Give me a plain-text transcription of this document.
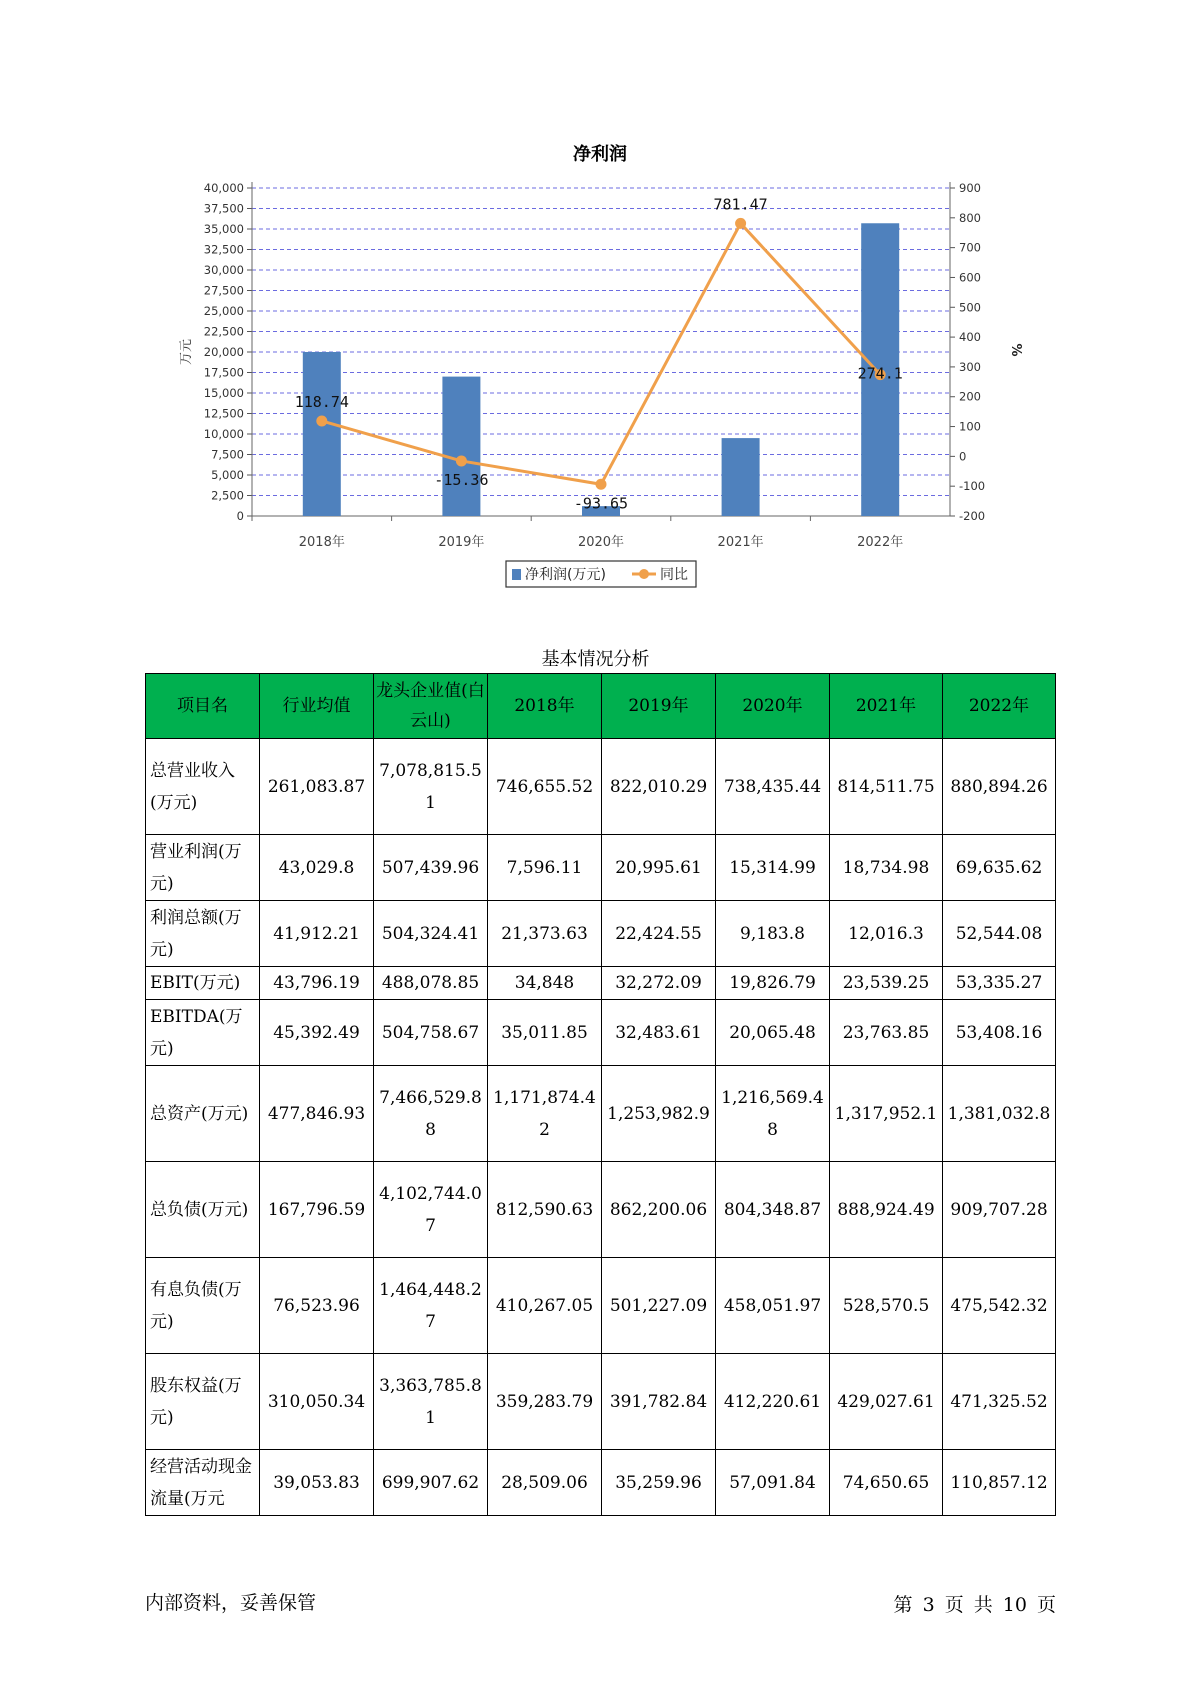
净利润
0
2,500
5,000
7,500
10,000
12,500
15,000
17,500
20,000
22,500
25,000
27,500
30,000
32,500
35,000
37,500
40,000
-200
-100
0
100
200
300
400
500
600
700
800
900
万元	%
2018年	2019年	2020年	2021年	2022年
118.74
-15.36
-93.65
781.47
274.1
净利润(万元)	同比
基本情况分析
项目名	行业均值	龙头企业值(白云山)	2018年	2019年	2020年	2021年	2022年
总营业收入(万元)	261,083.87	7,078,815.51	746,655.52	822,010.29	738,435.44	814,511.75	880,894.26
营业利润(万元)	43,029.8	507,439.96	7,596.11	20,995.61	15,314.99	18,734.98	69,635.62
利润总额(万元)	41,912.21	504,324.41	21,373.63	22,424.55	9,183.8	12,016.3	52,544.08
EBIT(万元)	43,796.19	488,078.85	34,848	32,272.09	19,826.79	23,539.25	53,335.27
EBITDA(万元)	45,392.49	504,758.67	35,011.85	32,483.61	20,065.48	23,763.85	53,408.16
总资产(万元)	477,846.93	7,466,529.88	1,171,874.42	1,253,982.9	1,216,569.48	1,317,952.1	1,381,032.8
总负债(万元)	167,796.59	4,102,744.07	812,590.63	862,200.06	804,348.87	888,924.49	909,707.28
有息负债(万元)	76,523.96	1,464,448.27	410,267.05	501,227.09	458,051.97	528,570.5	475,542.32
股东权益(万元)	310,050.34	3,363,785.81	359,283.79	391,782.84	412,220.61	429,027.61	471,325.52
经营活动现金流量(万元	39,053.83	699,907.62	28,509.06	35,259.96	57,091.84	74,650.65	110,857.12
内部资料，妥善保管	第 3 页 共 10 页
